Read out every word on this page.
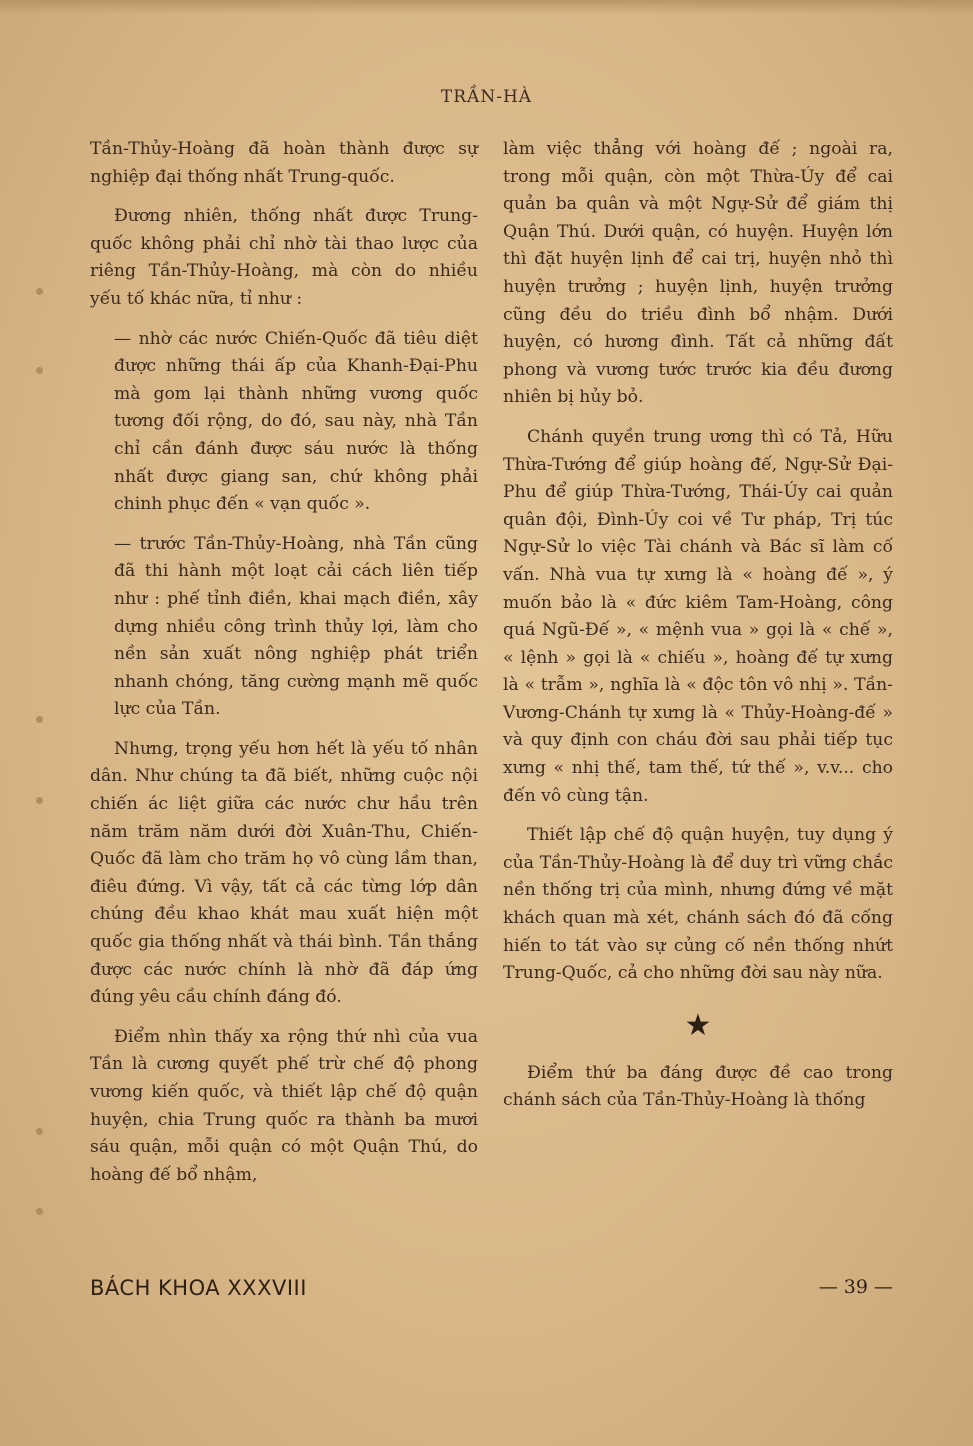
TRẦN-HÀ

Tần-Thủy-Hoàng đã hoàn thành được sự nghiệp đại thống nhất Trung-quốc.

Đương nhiên, thống nhất được Trung-quốc không phải chỉ nhờ tài thao lược của riêng Tần-Thủy-Hoàng, mà còn do nhiều yếu tố khác nữa, tỉ như :

— nhờ các nước Chiến-Quốc đã tiêu diệt được những thái ấp của Khanh-Đại-Phu mà gom lại thành những vương quốc tương đối rộng, do đó, sau này, nhà Tần chỉ cần đánh được sáu nước là thống nhất được giang san, chứ không phải chinh phục đến « vạn quốc ».

— trước Tần-Thủy-Hoàng, nhà Tần cũng đã thi hành một loạt cải cách liên tiếp như : phế tỉnh điền, khai mạch điền, xây dựng nhiều công trình thủy lợi, làm cho nền sản xuất nông nghiệp phát triển nhanh chóng, tăng cường mạnh mẽ quốc lực của Tần.

Nhưng, trọng yếu hơn hết là yếu tố nhân dân. Như chúng ta đã biết, những cuộc nội chiến ác liệt giữa các nước chư hầu trên năm trăm năm dưới đời Xuân-Thu, Chiến-Quốc đã làm cho trăm họ vô cùng lầm than, điêu đứng. Vì vậy, tất cả các từng lớp dân chúng đều khao khát mau xuất hiện một quốc gia thống nhất và thái bình. Tần thắng được các nước chính là nhờ đã đáp ứng đúng yêu cầu chính đáng đó.

Điểm nhìn thấy xa rộng thứ nhì của vua Tần là cương quyết phế trừ chế độ phong vương kiến quốc, và thiết lập chế độ quận huyện, chia Trung quốc ra thành ba mươi sáu quận, mỗi quận có một Quận Thú, do hoàng đế bổ nhậm,

làm việc thẳng với hoàng đế ; ngoài ra, trong mỗi quận, còn một Thừa-Úy để cai quản ba quân và một Ngự-Sử để giám thị Quận Thú. Dưới quận, có huyện. Huyện lớn thì đặt huyện lịnh để cai trị, huyện nhỏ thì huyện trưởng ; huyện lịnh, huyện trưởng cũng đều do triều đình bổ nhậm. Dưới huyện, có hương đình. Tất cả những đất phong và vương tước trước kia đều đương nhiên bị hủy bỏ.

Chánh quyền trung ương thì có Tả, Hữu Thừa-Tướng để giúp hoàng đế, Ngự-Sử Đại-Phu để giúp Thừa-Tướng, Thái-Úy cai quản quân đội, Đình-Úy coi về Tư pháp, Trị túc Ngự-Sử lo việc Tài chánh và Bác sĩ làm cố vấn. Nhà vua tự xưng là « hoàng đế », ý muốn bảo là « đức kiêm Tam-Hoàng, công quá Ngũ-Đế », « mệnh vua » gọi là « chế », « lệnh » gọi là « chiếu », hoàng đế tự xưng là « trẫm », nghĩa là « độc tôn vô nhị ». Tần-Vương-Chánh tự xưng là « Thủy-Hoàng-đế » và quy định con cháu đời sau phải tiếp tục xưng « nhị thế, tam thế, tứ thế », v.v... cho đến vô cùng tận.

Thiết lập chế độ quận huyện, tuy dụng ý của Tần-Thủy-Hoàng là để duy trì vững chắc nền thống trị của mình, nhưng đứng về mặt khách quan mà xét, chánh sách đó đã cống hiến to tát vào sự củng cố nền thống nhứt Trung-Quốc, cả cho những đời sau này nữa.

★

Điểm thứ ba đáng được đề cao trong chánh sách của Tần-Thủy-Hoàng là thống

BÁCH KHOA XXXVIII	— 39 —
